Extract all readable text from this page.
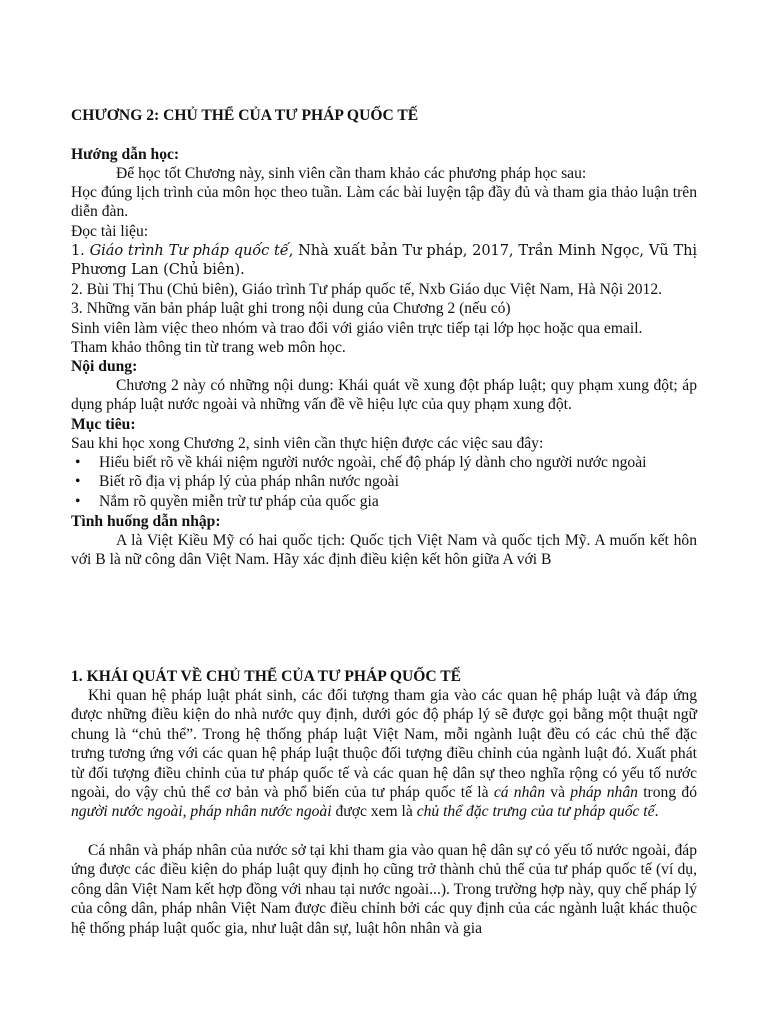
CHƯƠNG 2: CHỦ THỂ CỦA TƯ PHÁP QUỐC TẾ

Hướng dẫn học:

Để học tốt Chương này, sinh viên cần tham khảo các phương pháp học sau:

Học đúng lịch trình của môn học theo tuần. Làm các bài luyện tập đầy đủ và tham gia thảo luận trên diễn đàn.

Đọc tài liệu:

1. Giáo trình Tư pháp quốc tế, Nhà xuất bản Tư pháp, 2017, Trần Minh Ngọc, Vũ Thị Phương Lan (Chủ biên).

2. Bùi Thị Thu (Chủ biên), Giáo trình Tư pháp quốc tế, Nxb Giáo dục Việt Nam, Hà Nội 2012.

3. Những văn bản pháp luật ghi trong nội dung của Chương 2 (nếu có)

Sinh viên làm việc theo nhóm và trao đổi với giáo viên trực tiếp tại lớp học hoặc qua email.

Tham khảo thông tin từ trang web môn học.

Nội dung:

Chương 2 này có những nội dung: Khái quát về xung đột pháp luật; quy phạm xung đột; áp dụng pháp luật nước ngoài và những vấn đề về hiệu lực của quy phạm xung đột.

Mục tiêu:

Sau khi học xong Chương 2, sinh viên cần thực hiện được các việc sau đây:

• Hiểu biết rõ về khái niệm người nước ngoài, chế độ pháp lý dành cho người nước ngoài
• Biết rõ địa vị pháp lý của pháp nhân nước ngoài
• Nắm rõ quyền miễn trừ tư pháp của quốc gia

Tình huống dẫn nhập:

A là Việt Kiều Mỹ có hai quốc tịch: Quốc tịch Việt Nam và quốc tịch Mỹ. A muốn kết hôn với B là nữ công dân Việt Nam. Hãy xác định điều kiện kết hôn giữa A với B

1. KHÁI QUÁT VỀ CHỦ THỂ CỦA TƯ PHÁP QUỐC TẾ

Khi quan hệ pháp luật phát sinh, các đối tượng tham gia vào các quan hệ pháp luật và đáp ứng được những điều kiện do nhà nước quy định, dưới góc độ pháp lý sẽ được gọi bằng một thuật ngữ chung là “chủ thể”. Trong hệ thống pháp luật Việt Nam, mỗi ngành luật đều có các chủ thể đặc trưng tương ứng với các quan hệ pháp luật thuộc đối tượng điều chỉnh của ngành luật đó. Xuất phát từ đối tượng điều chỉnh của tư pháp quốc tế và các quan hệ dân sự theo nghĩa rộng có yếu tố nước ngoài, do vậy chủ thể cơ bản và phổ biến của tư pháp quốc tế là cá nhân và pháp nhân trong đó người nước ngoài, pháp nhân nước ngoài được xem là chủ thể đặc trưng của tư pháp quốc tế.

Cá nhân và pháp nhân của nước sở tại khi tham gia vào quan hệ dân sự có yếu tố nước ngoài, đáp ứng được các điều kiện do pháp luật quy định họ cũng trở thành chủ thể của tư pháp quốc tế (ví dụ, công dân Việt Nam kết hợp đồng với nhau tại nước ngoài...). Trong trường hợp này, quy chế pháp lý của công dân, pháp nhân Việt Nam được điều chỉnh bởi các quy định của các ngành luật khác thuộc hệ thống pháp luật quốc gia, như luật dân sự, luật hôn nhân và gia
